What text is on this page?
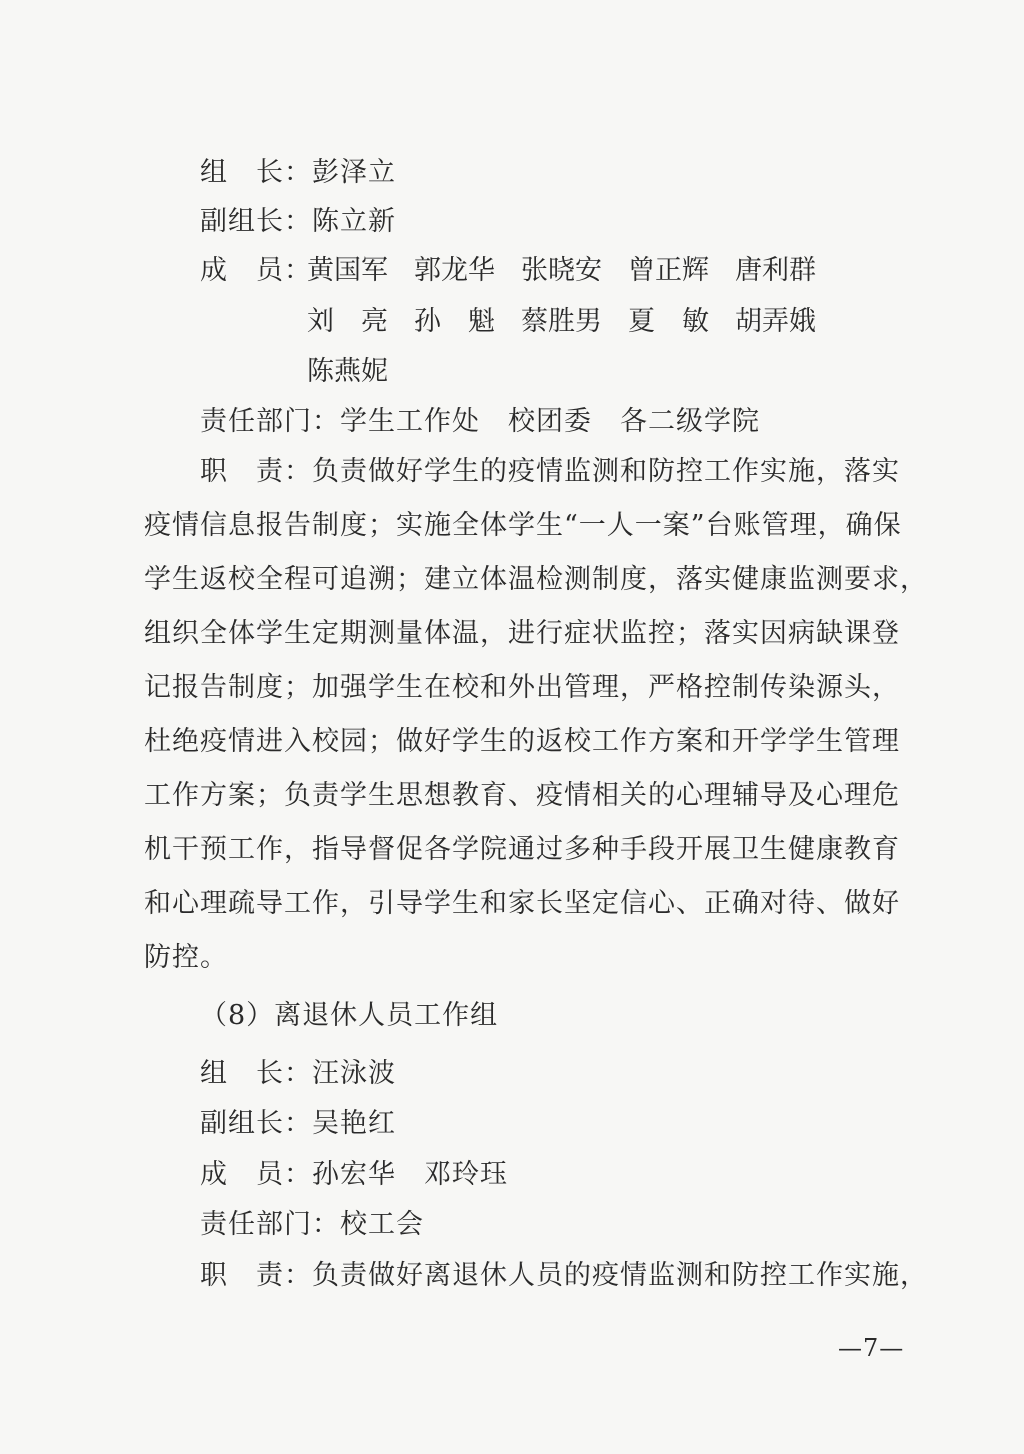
组　长：彭泽立
副组长：陈立新
成　员：
黄国军 郭龙华 张晓安 曾正辉 唐利群
刘　亮 孙　魁 蔡胜男 夏　敏 胡弄娥
陈燕妮
责任部门：学生工作处　校团委　各二级学院
职　责：负责做好学生的疫情监测和防控工作实施，落实
疫情信息报告制度；实施全体学生“一人一案”台账管理，确保
学生返校全程可追溯；建立体温检测制度，落实健康监测要求，
组织全体学生定期测量体温，进行症状监控；落实因病缺课登
记报告制度；加强学生在校和外出管理，严格控制传染源头，
杜绝疫情进入校园；做好学生的返校工作方案和开学学生管理
工作方案；负责学生思想教育、疫情相关的心理辅导及心理危
机干预工作，指导督促各学院通过多种手段开展卫生健康教育
和心理疏导工作，引导学生和家长坚定信心、正确对待、做好
防控。
（8）离退休人员工作组
组　长：汪泳波
副组长：吴艳红
成　员：孙宏华　邓玲珏
责任部门：校工会
职　责：负责做好离退休人员的疫情监测和防控工作实施，
—7—
